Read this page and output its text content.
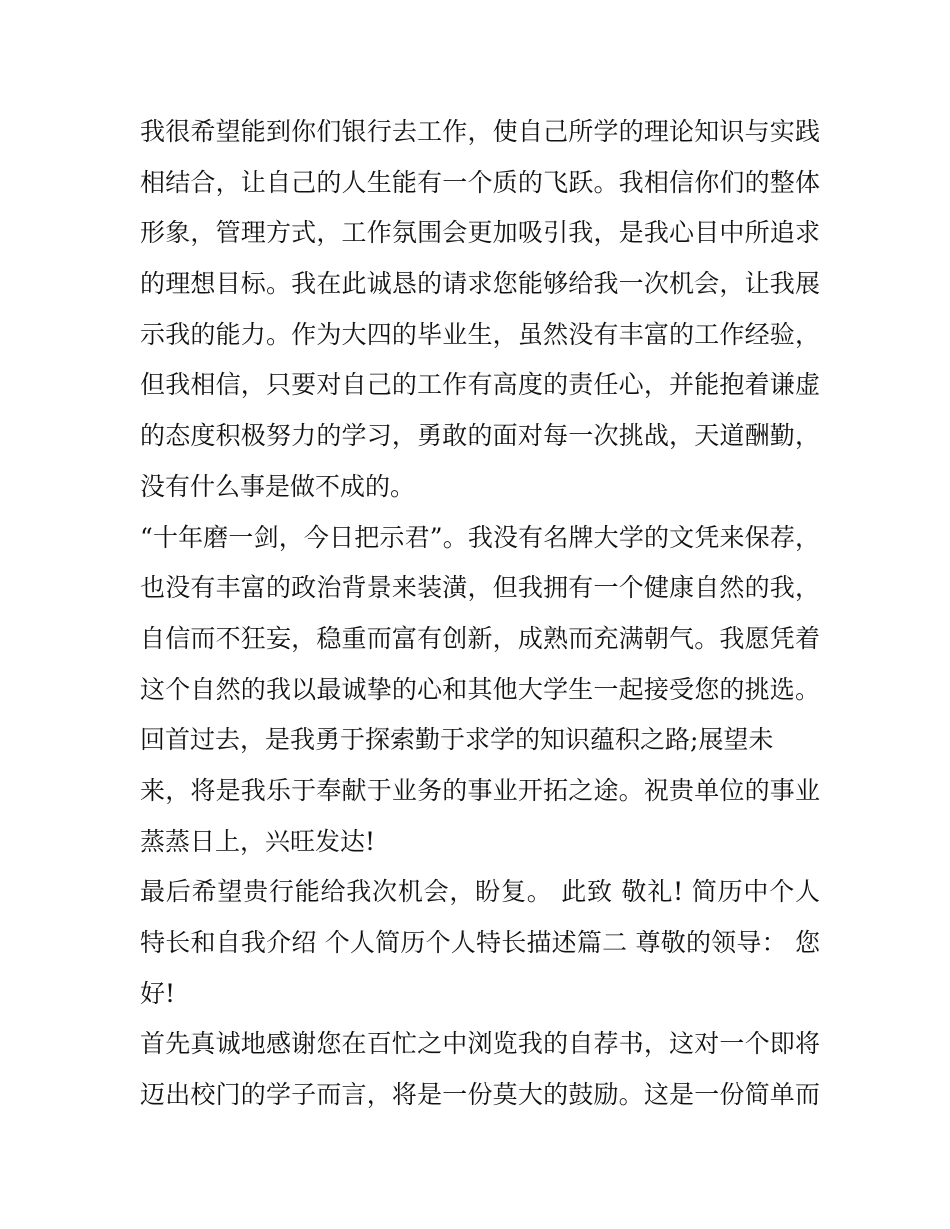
我很希望能到你们银行去工作，使自己所学的理论知识与实践
相结合，让自己的人生能有一个质的飞跃。我相信你们的整体
形象，管理方式，工作氛围会更加吸引我，是我心目中所追求
的理想目标。我在此诚恳的请求您能够给我一次机会，让我展
示我的能力。作为大四的毕业生，虽然没有丰富的工作经验，
但我相信，只要对自己的工作有高度的责任心，并能抱着谦虚
的态度积极努力的学习，勇敢的面对每一次挑战，天道酬勤，
没有什么事是做不成的。
“十年磨一剑，今日把示君”。我没有名牌大学的文凭来保荐，
也没有丰富的政治背景来装潢，但我拥有一个健康自然的我，
自信而不狂妄，稳重而富有创新，成熟而充满朝气。我愿凭着
这个自然的我以最诚挚的心和其他大学生一起接受您的挑选。
回首过去，是我勇于探索勤于求学的知识蕴积之路;展望未
来，将是我乐于奉献于业务的事业开拓之途。祝贵单位的事业
蒸蒸日上，兴旺发达!
最后希望贵行能给我次机会，盼复。 此致 敬礼! 简历中个人
特长和自我介绍 个人简历个人特长描述篇二 尊敬的领导： 您
好!
首先真诚地感谢您在百忙之中浏览我的自荐书，这对一个即将
迈出校门的学子而言，将是一份莫大的鼓励。这是一份简单而
